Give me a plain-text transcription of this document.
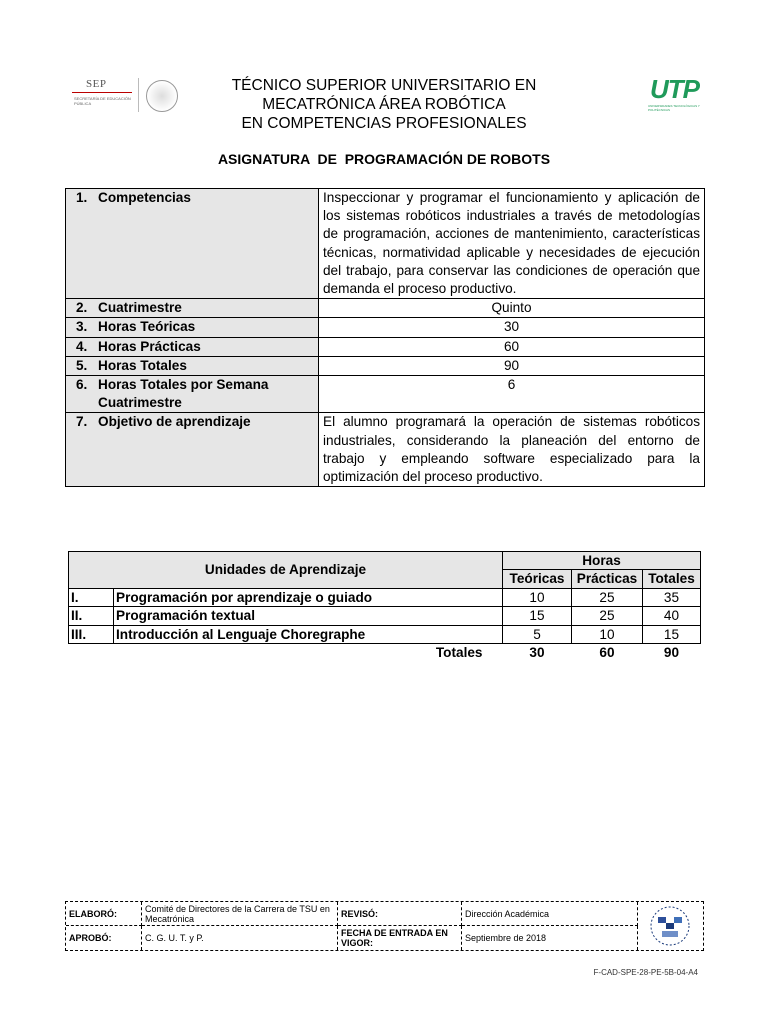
SEP
SECRETARÍA DE EDUCACIÓN PÚBLICA	UTP
UNIVERSIDADES TECNOLÓGICAS Y POLITÉCNICAS
TÉCNICO SUPERIOR UNIVERSITARIO EN
MECATRÓNICA ÁREA ROBÓTICA
EN COMPETENCIAS PROFESIONALES
ASIGNATURA  DE  PROGRAMACIÓN DE ROBOTS
1. Competencias	Inspeccionar y programar el funcionamiento y aplicación de los sistemas robóticos industriales a través de metodologías de programación, acciones de mantenimiento, características técnicas, normatividad aplicable y necesidades de ejecución del trabajo, para conservar las condiciones de operación que demanda el proceso productivo.
2. Cuatrimestre	Quinto
3. Horas Teóricas	30
4. Horas Prácticas	60
5. Horas Totales	90
6. Horas Totales por Semana
Cuatrimestre	6
7. Objetivo de aprendizaje	El alumno programará la operación de sistemas robóticos industriales, considerando la planeación del entorno de trabajo y empleando software especializado para la optimización del proceso productivo.
Unidades de Aprendizaje		Horas		
		Teóricas	Prácticas	Totales
I.	Programación por aprendizaje o guiado	10	25	35
II.	Programación textual	15	25	40
III.	Introducción al Lenguaje Choregraphe	5	10	15
Totales		30	60	90
ELABORÓ:	Comité de Directores de la Carrera de TSU en Mecatrónica	REVISÓ:	Dirección Académica
APROBÓ:	C. G. U. T. y P.	FECHA DE ENTRADA EN VIGOR:	Septiembre de 2018
F-CAD-SPE-28-PE-5B-04-A4
